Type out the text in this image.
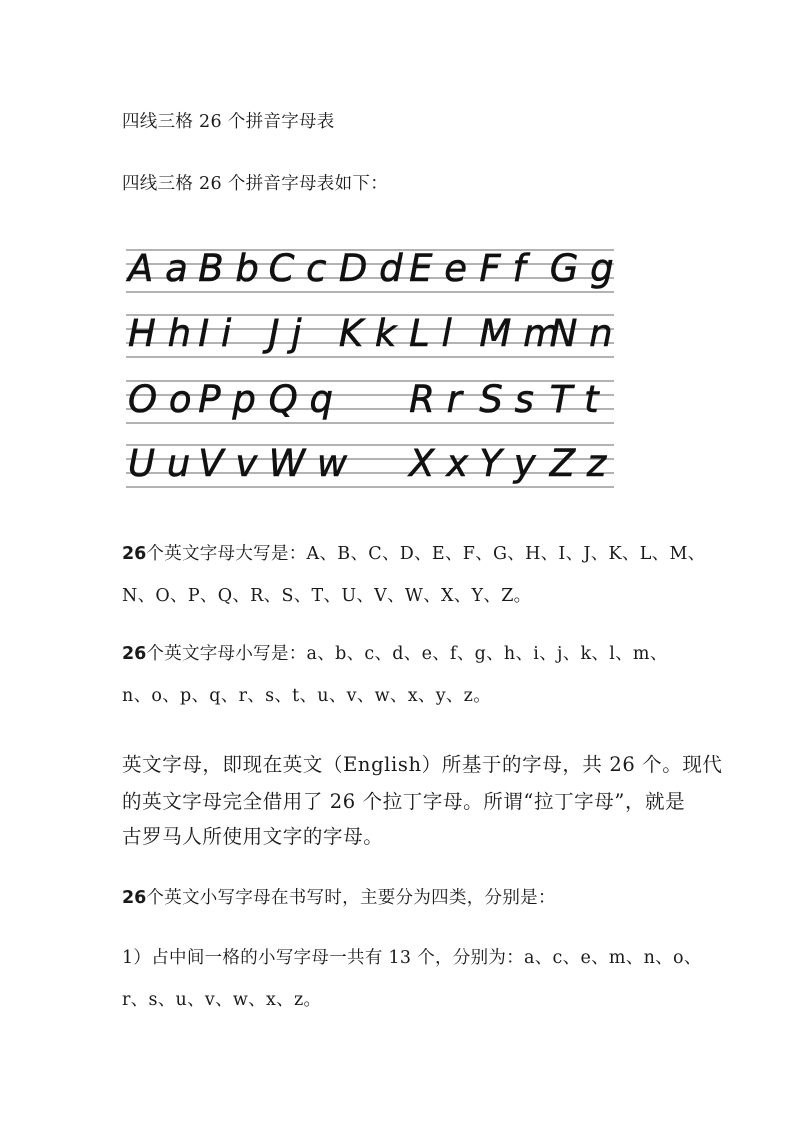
四线三格 26 个拼音字母表
四线三格 26 个拼音字母表如下：
A a B b C c D d E e F f G g
H h I i J j K k L l M m
N n
O o P p Q q R r S s T t
U u V v W w X x Y y Z z
26个英文字母大写是：A、B、C、D、E、F、G、H、I、J、K、L、M、
N、O、P、Q、R、S、T、U、V、W、X、Y、Z。
26个英文字母小写是：a、b、c、d、e、f、g、h、i、j、k、l、m、
n、o、p、q、r、s、t、u、v、w、x、y、z。
英文字母，即现在英文（English）所基于的字母，共 26 个。现代
的英文字母完全借用了 26 个拉丁字母。所谓“拉丁字母”，就是
古罗马人所使用文字的字母。
26个英文小写字母在书写时，主要分为四类，分别是：
1）占中间一格的小写字母一共有 13 个，分别为：a、c、e、m、n、o、
r、s、u、v、w、x、z。
